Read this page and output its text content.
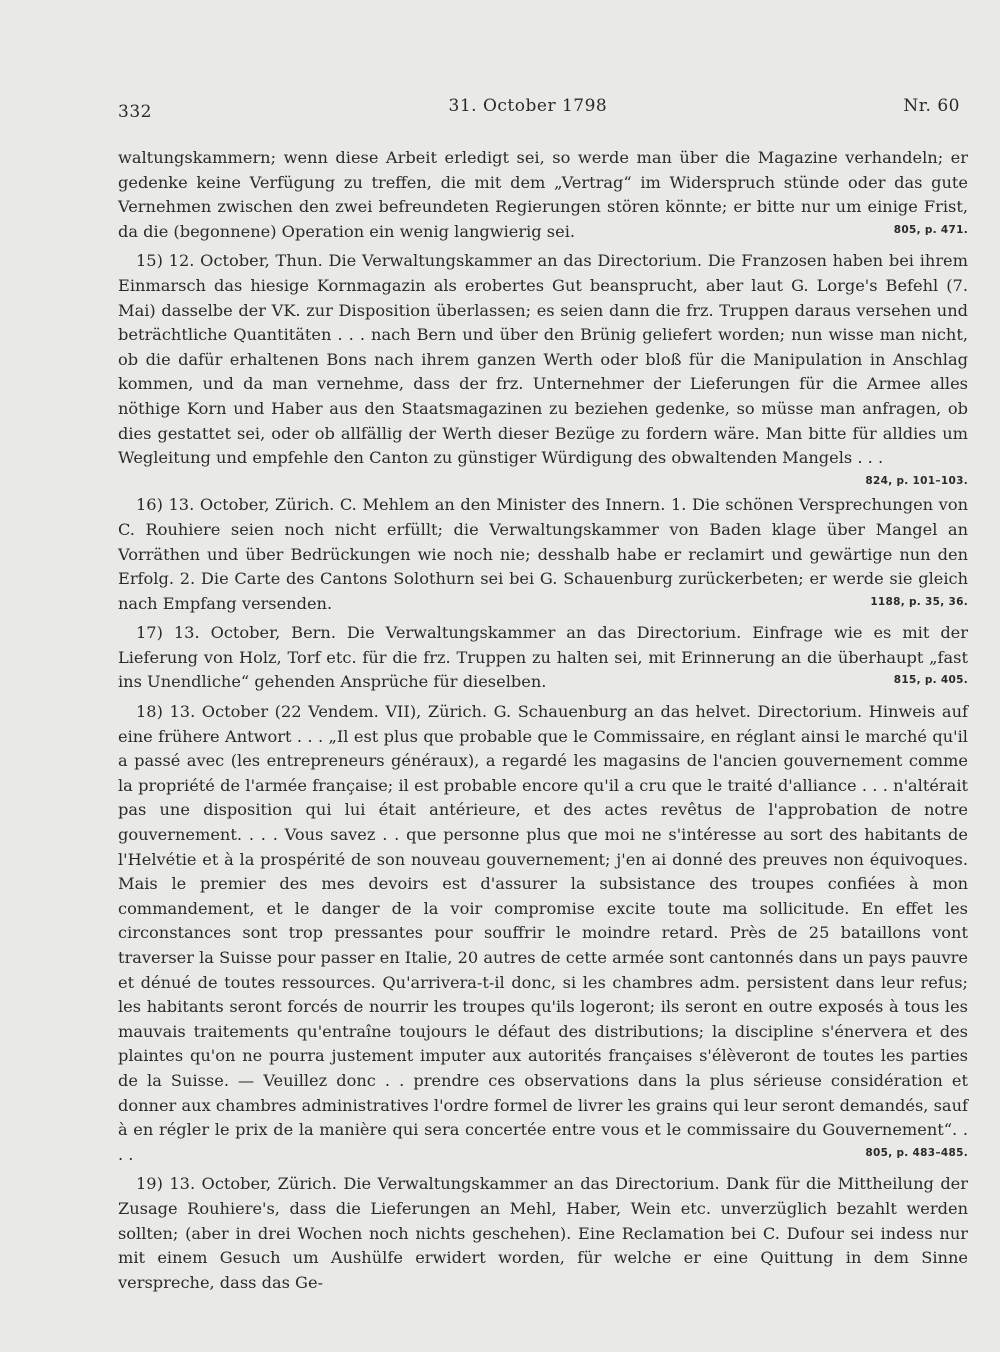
332	31. October 1798	Nr. 60

waltungskammern; wenn diese Arbeit erledigt sei, so werde man über die Magazine verhandeln; er gedenke keine Verfügung zu treffen, die mit dem „Vertrag“ im Widerspruch stünde oder das gute Vernehmen zwischen den zwei befreundeten Regierungen stören könnte; er bitte nur um einige Frist, da die (begonnene) Operation ein wenig langwierig sei.	805, p. 471.

15) 12. October, Thun. Die Verwaltungskammer an das Directorium. Die Franzosen haben bei ihrem Einmarsch das hiesige Kornmagazin als erobertes Gut beansprucht, aber laut G. Lorge's Befehl (7. Mai) dasselbe der VK. zur Disposition überlassen; es seien dann die frz. Truppen daraus versehen und beträchtliche Quantitäten . . . nach Bern und über den Brünig geliefert worden; nun wisse man nicht, ob die dafür erhaltenen Bons nach ihrem ganzen Werth oder bloß für die Manipulation in Anschlag kommen, und da man vernehme, dass der frz. Unternehmer der Lieferungen für die Armee alles nöthige Korn und Haber aus den Staatsmagazinen zu beziehen gedenke, so müsse man anfragen, ob dies gestattet sei, oder ob allfällig der Werth dieser Bezüge zu fordern wäre. Man bitte für alldies um Wegleitung und empfehle den Canton zu günstiger Würdigung des obwaltenden Mangels . . .
824, p. 101–103.

16) 13. October, Zürich. C. Mehlem an den Minister des Innern. 1. Die schönen Versprechungen von C. Rouhiere seien noch nicht erfüllt; die Verwaltungskammer von Baden klage über Mangel an Vorräthen und über Bedrückungen wie noch nie; desshalb habe er reclamirt und gewärtige nun den Erfolg. 2. Die Carte des Cantons Solothurn sei bei G. Schauenburg zurückerbeten; er werde sie gleich nach Empfang versenden.	1188, p. 35, 36.

17) 13. October, Bern. Die Verwaltungskammer an das Directorium. Einfrage wie es mit der Lieferung von Holz, Torf etc. für die frz. Truppen zu halten sei, mit Erinnerung an die überhaupt „fast ins Unendliche“ gehenden Ansprüche für dieselben.	815, p. 405.

18) 13. October (22 Vendem. VII), Zürich. G. Schauenburg an das helvet. Directorium. Hinweis auf eine frühere Antwort . . . „Il est plus que probable que le Commissaire, en réglant ainsi le marché qu'il a passé avec (les entrepreneurs généraux), a regardé les magasins de l'ancien gouvernement comme la propriété de l'armée française; il est probable encore qu'il a cru que le traité d'alliance . . . n'altérait pas une disposition qui lui était antérieure, et des actes revêtus de l'approbation de notre gouvernement. . . . Vous savez . . que personne plus que moi ne s'intéresse au sort des habitants de l'Helvétie et à la prospérité de son nouveau gouvernement; j'en ai donné des preuves non équivoques. Mais le premier des mes devoirs est d'assurer la subsistance des troupes confiées à mon commandement, et le danger de la voir compromise excite toute ma sollicitude. En effet les circonstances sont trop pressantes pour souffrir le moindre retard. Près de 25 bataillons vont traverser la Suisse pour passer en Italie, 20 autres de cette armée sont cantonnés dans un pays pauvre et dénué de toutes ressources. Qu'arrivera-t-il donc, si les chambres adm. persistent dans leur refus; les habitants seront forcés de nourrir les troupes qu'ils logeront; ils seront en outre exposés à tous les mauvais traitements qu'entraîne toujours le défaut des distributions; la discipline s'énervera et des plaintes qu'on ne pourra justement imputer aux autorités françaises s'élèveront de toutes les parties de la Suisse. — Veuillez donc . . prendre ces observations dans la plus sérieuse considération et donner aux chambres administratives l'ordre formel de livrer les grains qui leur seront demandés, sauf à en régler le prix de la manière qui sera concertée entre vous et le commissaire du Gouvernement“. . . .	805, p. 483–485.

19) 13. October, Zürich. Die Verwaltungskammer an das Directorium. Dank für die Mittheilung der Zusage Rouhiere's, dass die Lieferungen an Mehl, Haber, Wein etc. unverzüglich bezahlt werden sollten; (aber in drei Wochen noch nichts geschehen). Eine Reclamation bei C. Dufour sei indess nur mit einem Gesuch um Aushülfe erwidert worden, für welche er eine Quittung in dem Sinne verspreche, dass das Ge-
